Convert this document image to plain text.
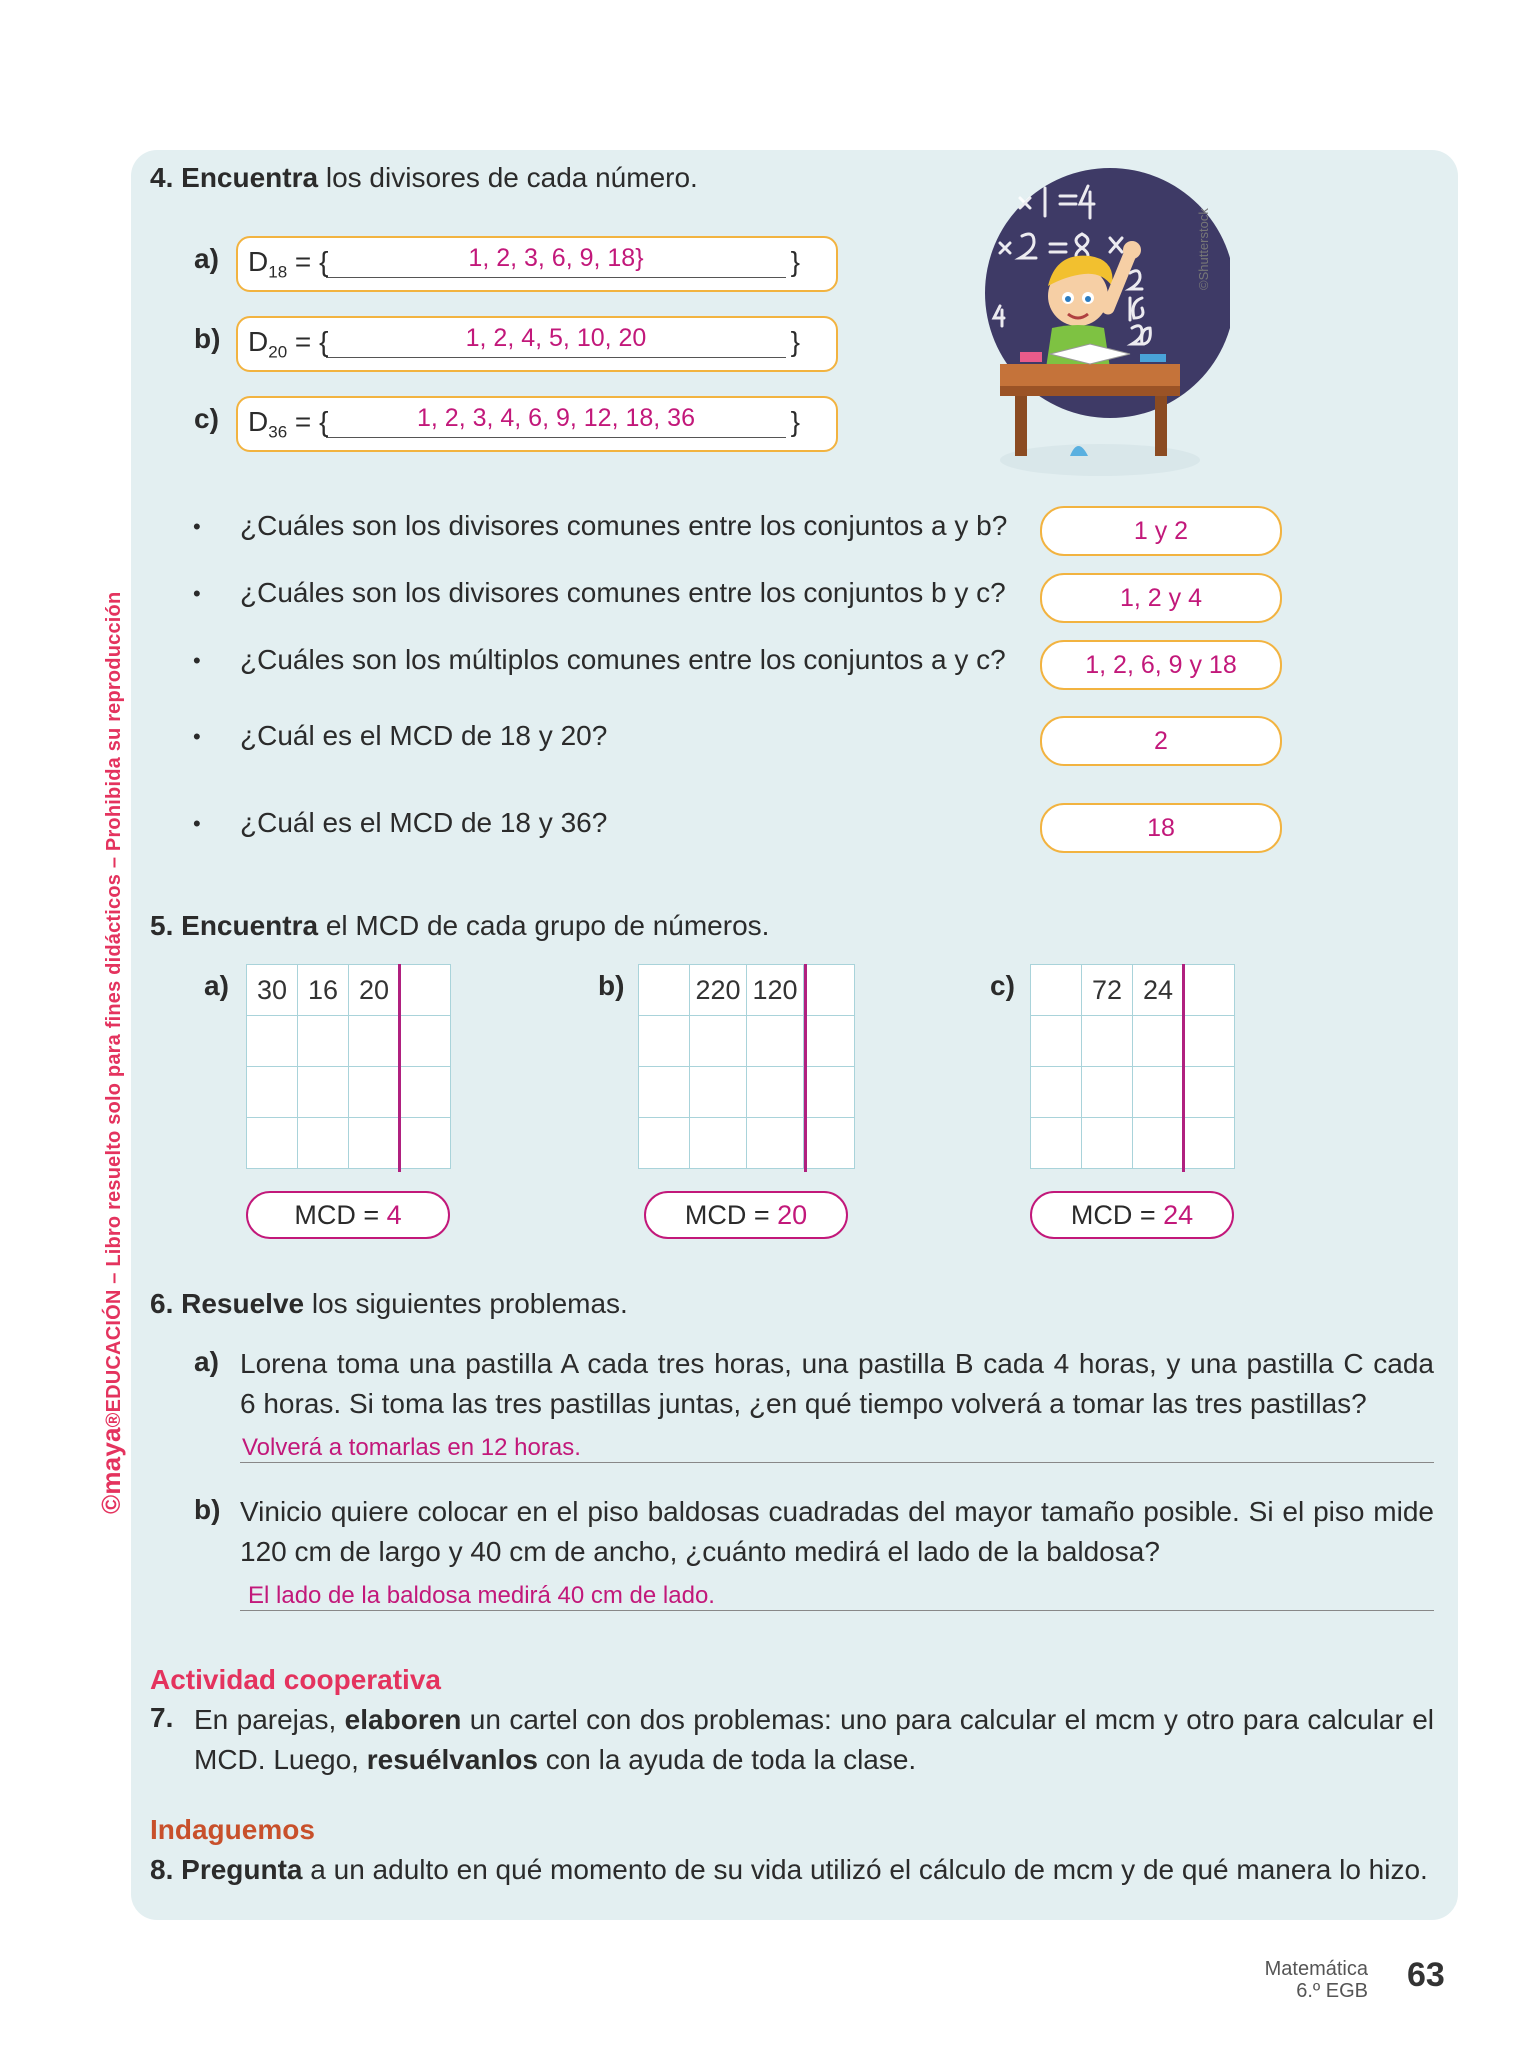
©maya®EDUCACIÓN – Libro resuelto solo para fines didácticos – Prohibida su reproducción
4. Encuentra los divisores de cada número.
©Shutterstock
a) $D_{18}$ = {	1, 2, 3, 6, 9, 18}	}
b) $D_{20}$ = {	1, 2, 4, 5, 10, 20	}
c) $D_{36}$ = {	1, 2, 3, 4, 6, 9, 12, 18, 36	}
• ¿Cuáles son los divisores comunes entre los conjuntos a y b?	1 y 2
• ¿Cuáles son los divisores comunes entre los conjuntos b y c?	1, 2 y 4
• ¿Cuáles son los múltiplos comunes entre los conjuntos a y c?	1, 2, 6, 9 y 18
• ¿Cuál es el MCD de 18 y 20?	2
• ¿Cuál es el MCD de 18 y 36?	18
5. Encuentra el MCD de cada grupo de números.
a) 30	16	20	

MCD = 4
b)
		220	120	

MCD = 20
c)
		72	24	

MCD = 24
6. Resuelve los siguientes problemas.
a) Lorena toma una pastilla A cada tres horas, una pastilla B cada 4 horas, y una pastilla C cada
6 horas. Si toma las tres pastillas juntas, ¿en qué tiempo volverá a tomar las tres pastillas?
Volverá a tomarlas en 12 horas.
b) Vinicio quiere colocar en el piso baldosas cuadradas del mayor tamaño posible. Si el piso mide
120 cm de largo y 40 cm de ancho, ¿cuánto medirá el lado de la baldosa?
El lado de la baldosa medirá 40 cm de lado.
Actividad cooperativa
7. En parejas, elaboren un cartel con dos problemas: uno para calcular el mcm y otro para calcular el
MCD. Luego, resuélvanlos con la ayuda de toda la clase.
Indaguemos
8. Pregunta a un adulto en qué momento de su vida utilizó el cálculo de mcm y de qué manera lo hizo.
Matemática
6.º EGB 63
